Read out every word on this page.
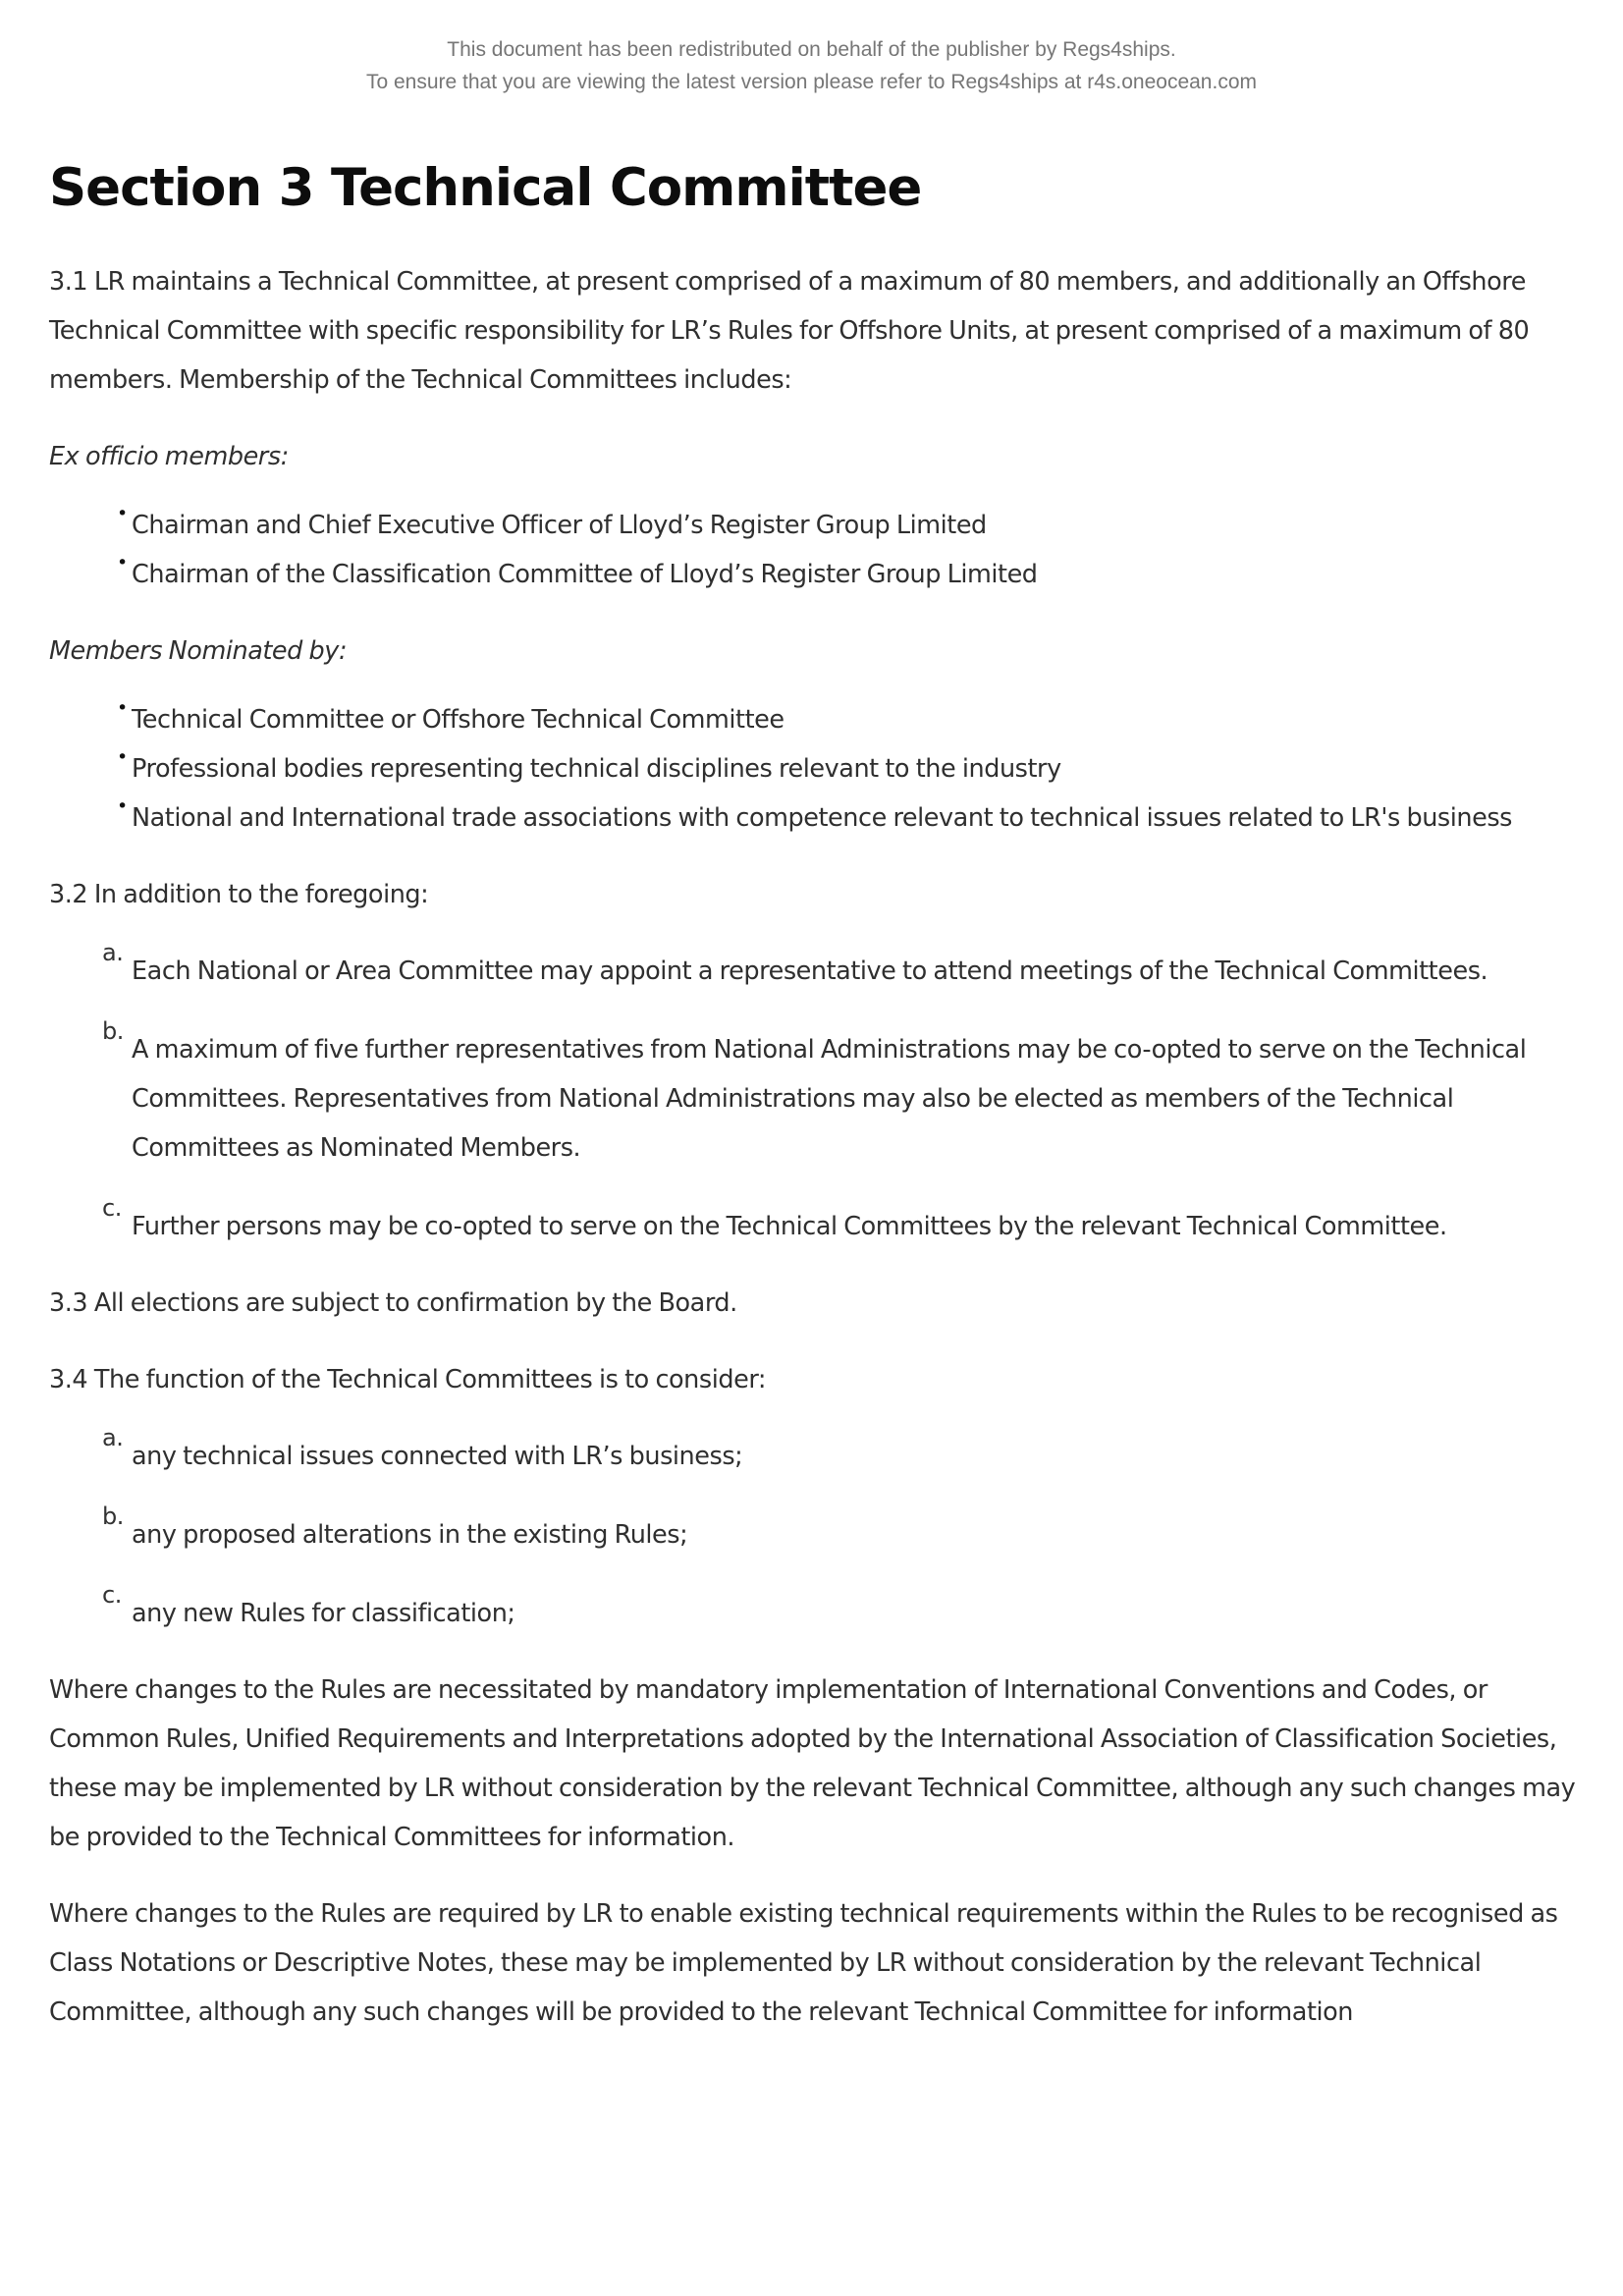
This document has been redistributed on behalf of the publisher by Regs4ships.
To ensure that you are viewing the latest version please refer to Regs4ships at r4s.oneocean.com
Section 3 Technical Committee

3.1 LR maintains a Technical Committee, at present comprised of a maximum of 80 members, and additionally an Offshore Technical Committee with specific responsibility for LR’s Rules for Offshore Units, at present comprised of a maximum of 80 members. Membership of the Technical Committees includes:

Ex officio members:

• Chairman and Chief Executive Officer of Lloyd’s Register Group Limited
• Chairman of the Classification Committee of Lloyd’s Register Group Limited

Members Nominated by:

• Technical Committee or Offshore Technical Committee
• Professional bodies representing technical disciplines relevant to the industry
• National and International trade associations with competence relevant to technical issues related to LR's business

3.2 In addition to the foregoing:

a.
Each National or Area Committee may appoint a representative to attend meetings of the Technical Committees.
b.
A maximum of five further representatives from National Administrations may be co-opted to serve on the Technical Committees. Representatives from National Administrations may also be elected as members of the Technical Committees as Nominated Members.
c.
Further persons may be co-opted to serve on the Technical Committees by the relevant Technical Committee.

3.3 All elections are subject to confirmation by the Board.

3.4 The function of the Technical Committees is to consider:

a.
any technical issues connected with LR’s business;
b.
any proposed alterations in the existing Rules;
c.
any new Rules for classification;

Where changes to the Rules are necessitated by mandatory implementation of International Conventions and Codes, or Common Rules, Unified Requirements and Interpretations adopted by the International Association of Classification Societies, these may be implemented by LR without consideration by the relevant Technical Committee, although any such changes may be provided to the Technical Committees for information.

Where changes to the Rules are required by LR to enable existing technical requirements within the Rules to be recognised as Class Notations or Descriptive Notes, these may be implemented by LR without consideration by the relevant Technical Committee, although any such changes will be provided to the relevant Technical Committee for information
